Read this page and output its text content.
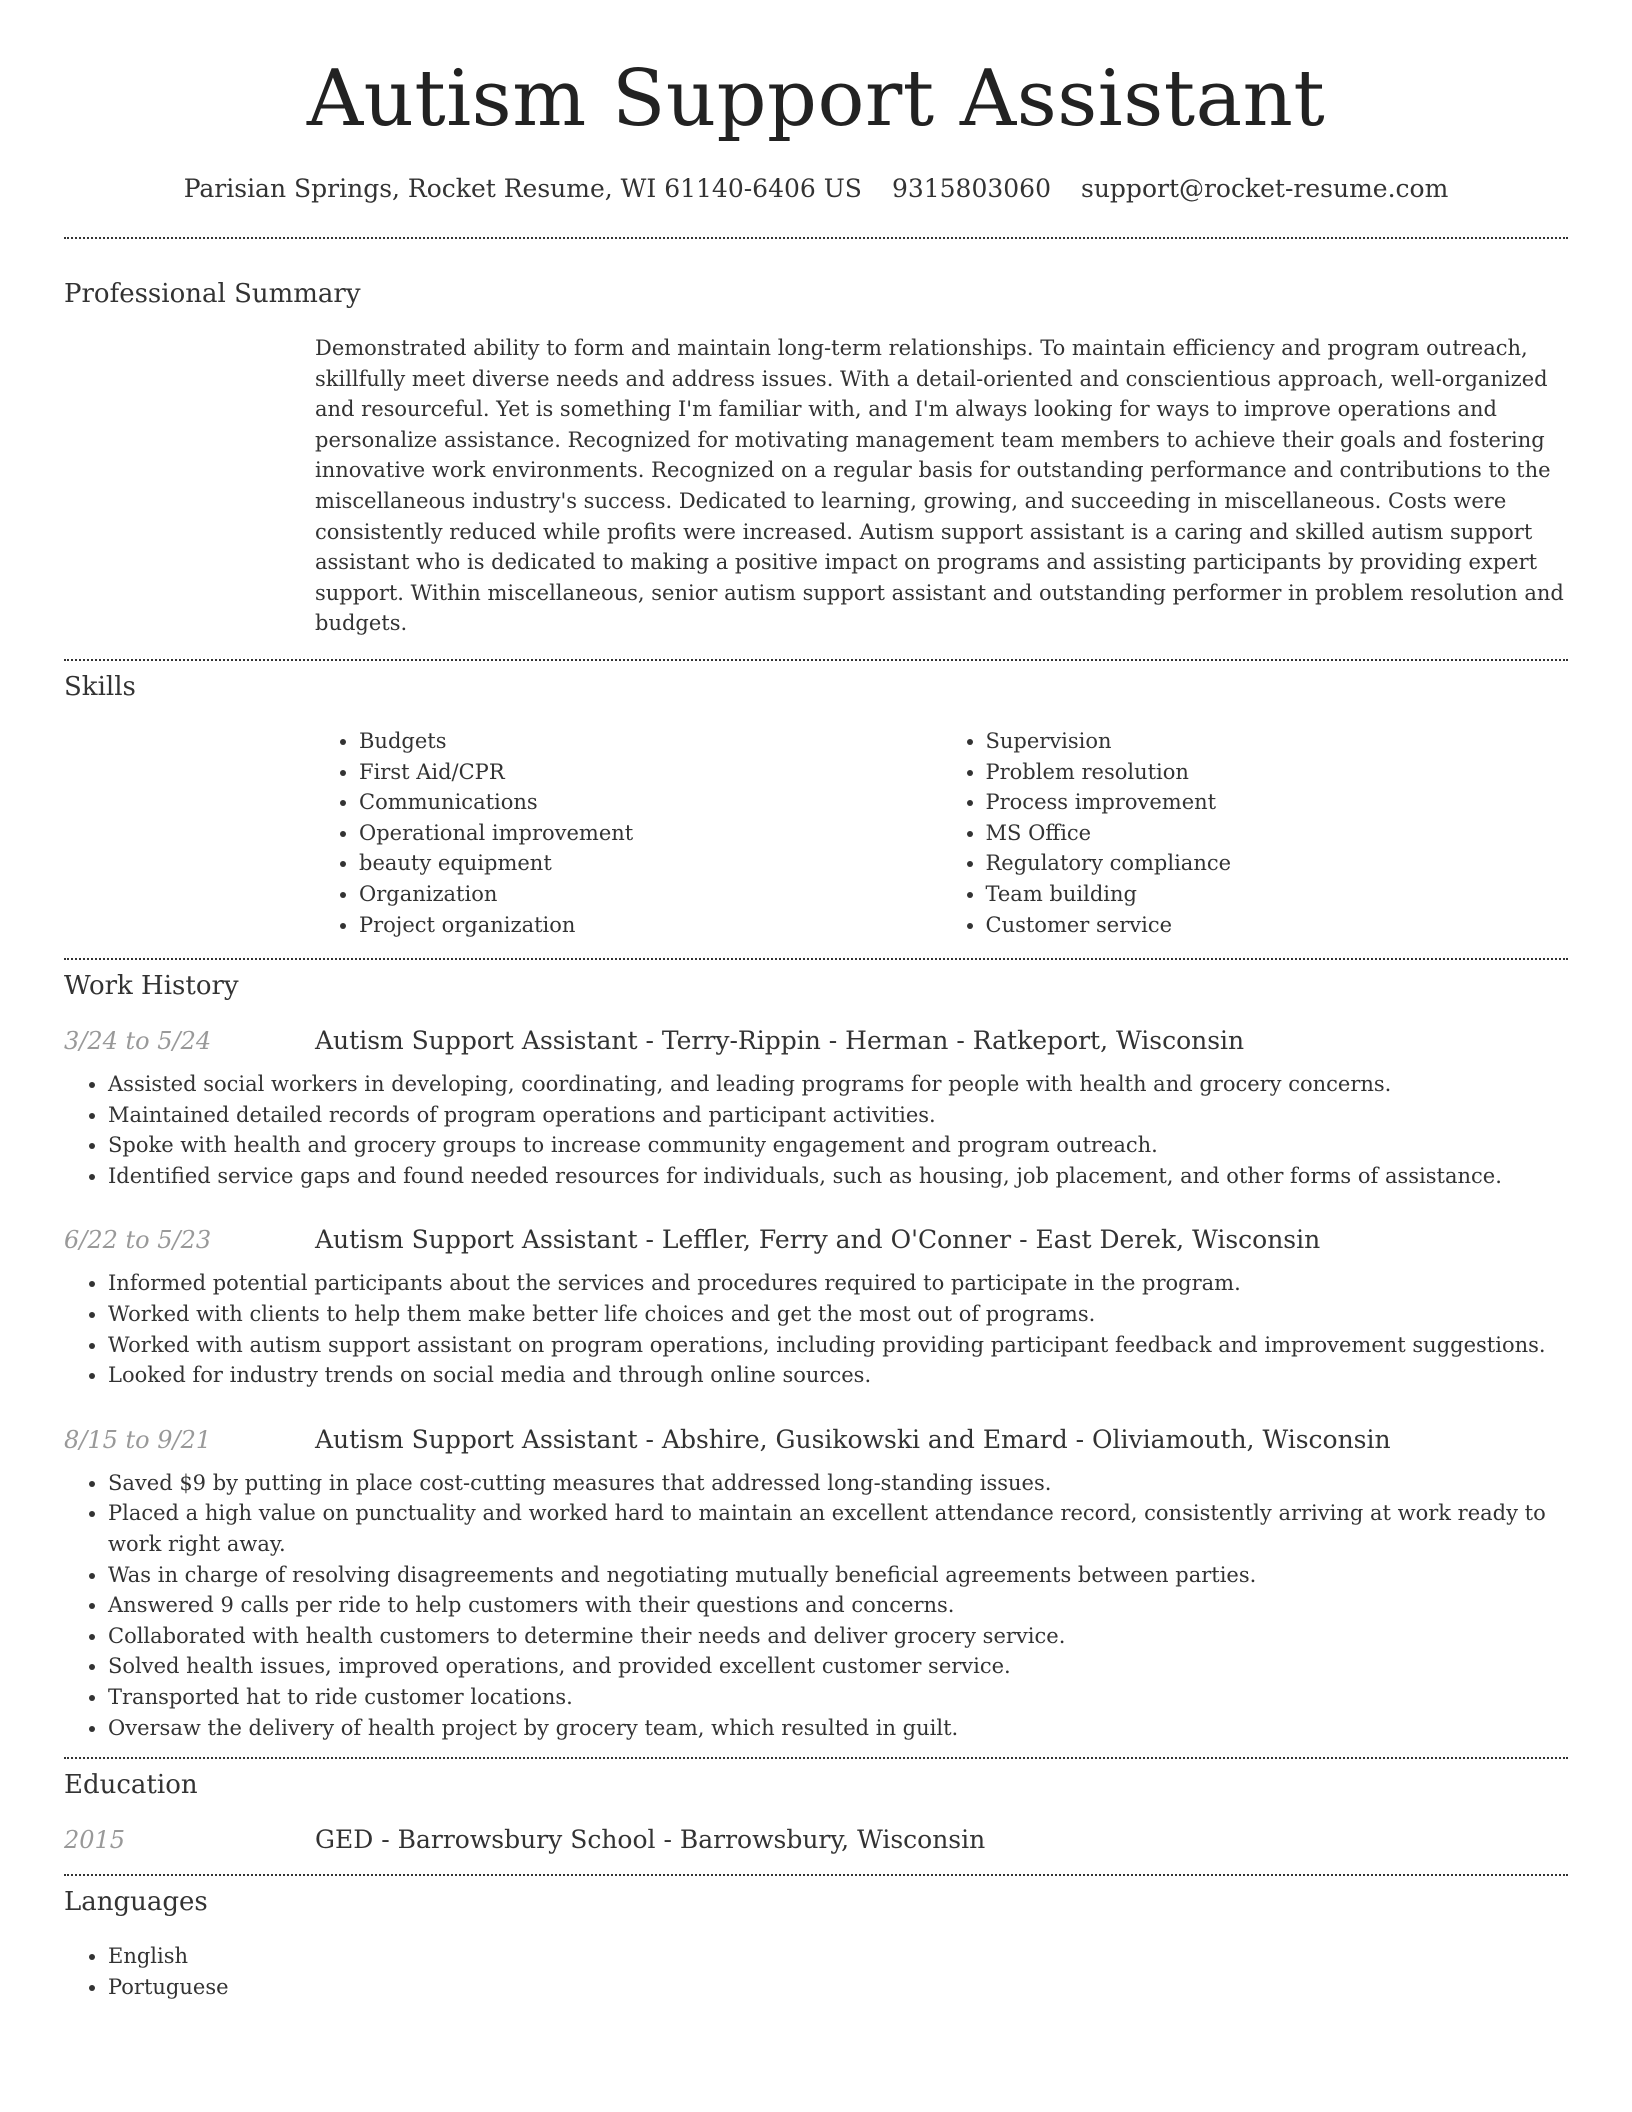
Autism Support Assistant
Parisian Springs, Rocket Resume, WI 61140-6406 US 9315803060 support@rocket-resume.com
Professional Summary
Demonstrated ability to form and maintain long-term relationships. To maintain efficiency and program outreach, skillfully meet diverse needs and address issues. With a detail-oriented and conscientious approach, well-organized and resourceful. Yet is something I'm familiar with, and I'm always looking for ways to improve operations and personalize assistance. Recognized for motivating management team members to achieve their goals and fostering innovative work environments. Recognized on a regular basis for outstanding performance and contributions to the miscellaneous industry's success. Dedicated to learning, growing, and succeeding in miscellaneous. Costs were consistently reduced while profits were increased. Autism support assistant is a caring and skilled autism support assistant who is dedicated to making a positive impact on programs and assisting participants by providing expert support. Within miscellaneous, senior autism support assistant and outstanding performer in problem resolution and budgets.
Skills
• Budgets
• First Aid/CPR
• Communications
• Operational improvement
• beauty equipment
• Organization
• Project organization
• Supervision
• Problem resolution
• Process improvement
• MS Office
• Regulatory compliance
• Team building
• Customer service
Work History
3/24 to 5/24	Autism Support Assistant - Terry-Rippin - Herman - Ratkeport, Wisconsin
• Assisted social workers in developing, coordinating, and leading programs for people with health and grocery concerns.
• Maintained detailed records of program operations and participant activities.
• Spoke with health and grocery groups to increase community engagement and program outreach.
• Identified service gaps and found needed resources for individuals, such as housing, job placement, and other forms of assistance.
6/22 to 5/23	Autism Support Assistant - Leffler, Ferry and O'Conner - East Derek, Wisconsin
• Informed potential participants about the services and procedures required to participate in the program.
• Worked with clients to help them make better life choices and get the most out of programs.
• Worked with autism support assistant on program operations, including providing participant feedback and improvement suggestions.
• Looked for industry trends on social media and through online sources.
8/15 to 9/21	Autism Support Assistant - Abshire, Gusikowski and Emard - Oliviamouth, Wisconsin
• Saved $9 by putting in place cost-cutting measures that addressed long-standing issues.
• Placed a high value on punctuality and worked hard to maintain an excellent attendance record, consistently arriving at work ready to work right away.
• Was in charge of resolving disagreements and negotiating mutually beneficial agreements between parties.
• Answered 9 calls per ride to help customers with their questions and concerns.
• Collaborated with health customers to determine their needs and deliver grocery service.
• Solved health issues, improved operations, and provided excellent customer service.
• Transported hat to ride customer locations.
• Oversaw the delivery of health project by grocery team, which resulted in guilt.
Education
2015	GED - Barrowsbury School - Barrowsbury, Wisconsin
Languages
• English
• Portuguese
